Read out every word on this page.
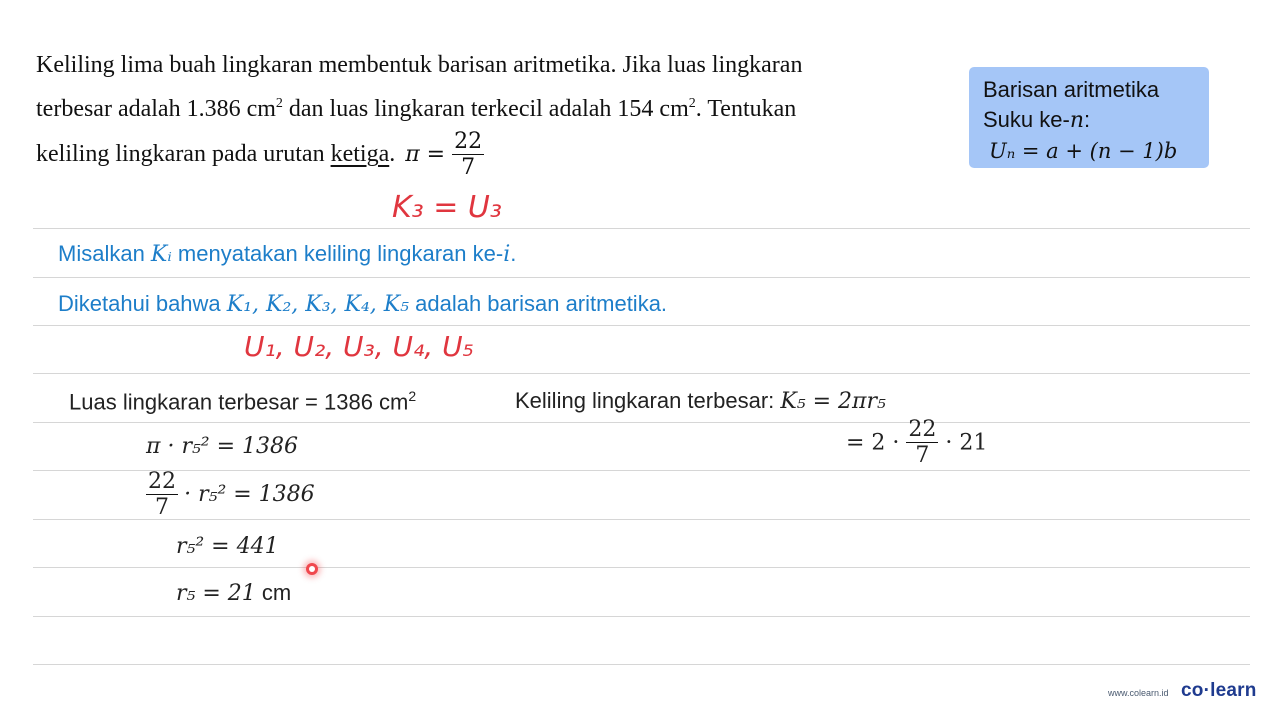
Keliling lima buah lingkaran membentuk barisan aritmetika. Jika luas lingkaran
terbesar adalah 1.386 $cm^2$ dan luas lingkaran terkecil adalah 154 $cm^2$. Tentukan
keliling lingkaran pada urutan ketiga. $\pi = \frac{22}{7}$
Barisan aritmetika
Suku ke-n:
Uₙ = a + (n − 1)b
K₃ = U₃
Misalkan Kᵢ menyatakan keliling lingkaran ke-i.
Diketahui bahwa K₁, K₂, K₃, K₄, K₅ adalah barisan aritmetika.
U₁, U₂, U₃, U₄, U₅
Luas lingkaran terbesar = 1386 $cm^2$	Keliling lingkaran terbesar: K₅ = 2πr₅
π · r₅² = 1386	= $2 \cdot \frac{22}{7} \cdot 21$
$\frac{22}{7} \cdot r_5^2 = 1386$
r₅² = 441
r₅ = 21 cm
www.colearn.id co·learn
